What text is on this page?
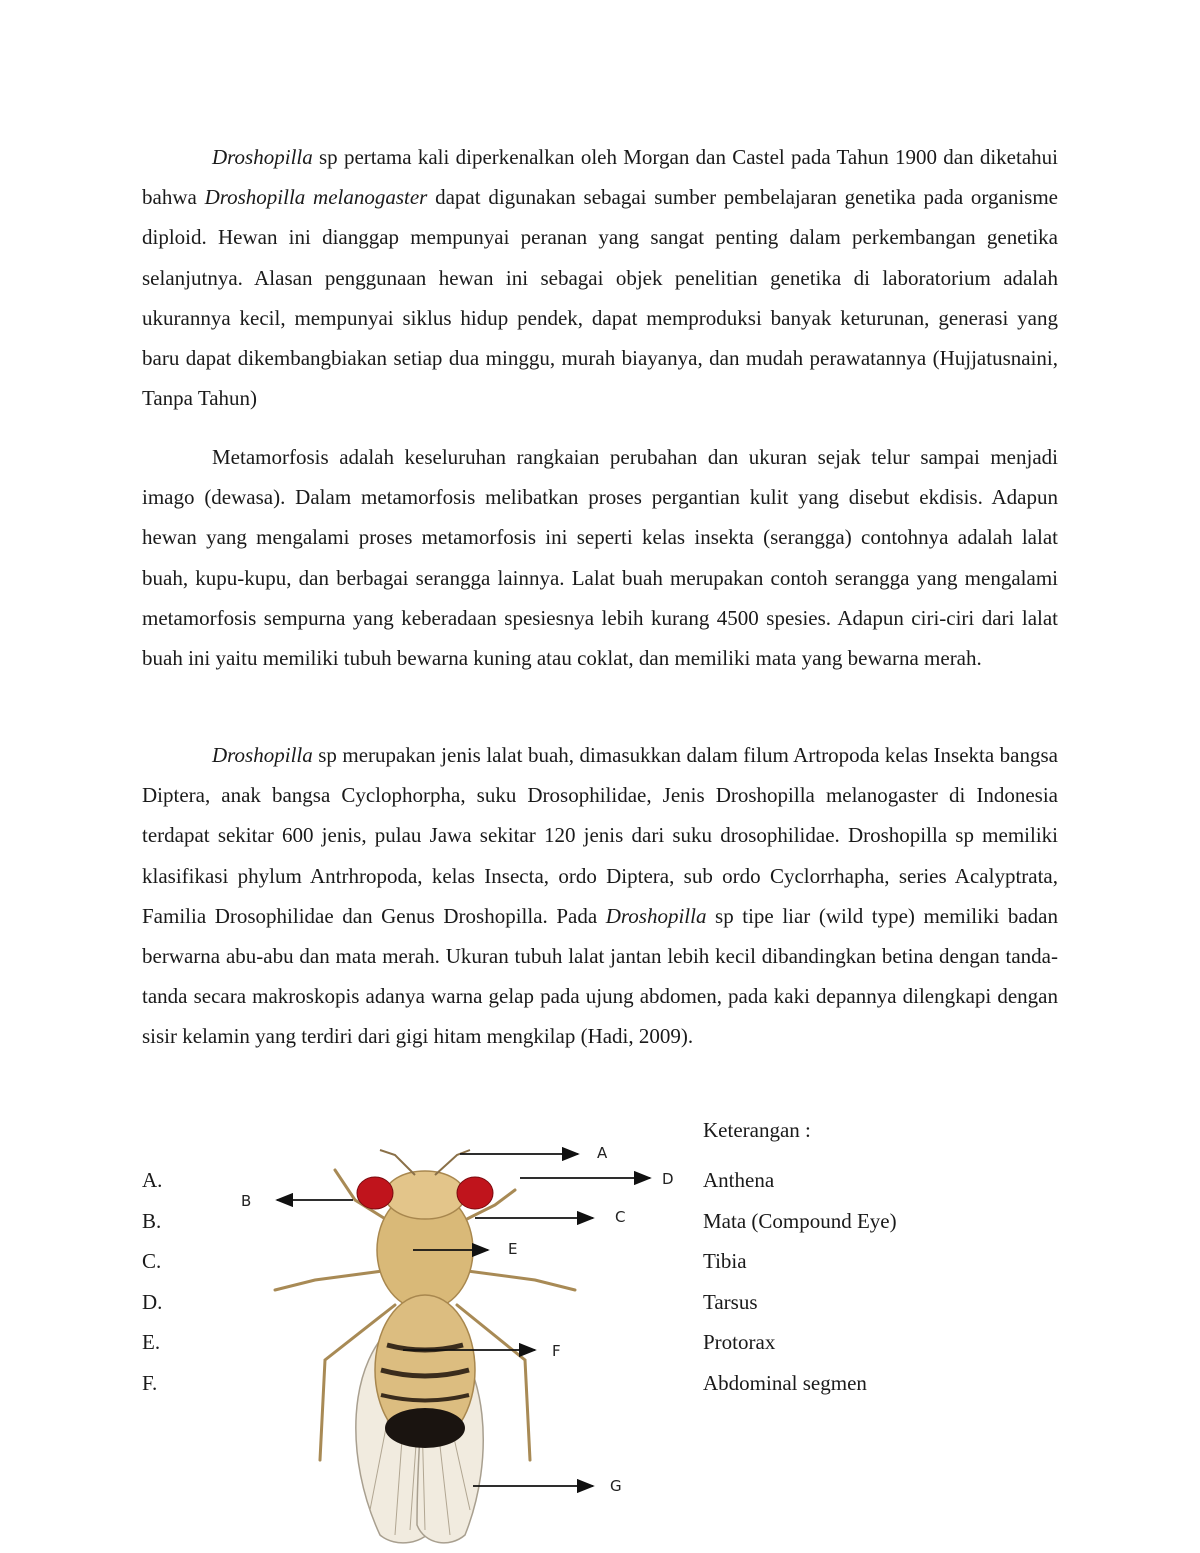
Droshopilla sp pertama kali diperkenalkan oleh Morgan dan Castel pada Tahun 1900 dan diketahui bahwa Droshopilla melanogaster dapat digunakan sebagai sumber pembelajaran genetika pada organisme diploid. Hewan ini dianggap mempunyai peranan yang sangat penting dalam perkembangan genetika selanjutnya. Alasan penggunaan hewan ini sebagai objek penelitian genetika di laboratorium adalah ukurannya kecil, mempunyai siklus hidup pendek, dapat memproduksi banyak keturunan, generasi yang baru dapat dikembangbiakan setiap dua minggu, murah biayanya, dan mudah perawatannya (Hujjatusnaini, Tanpa Tahun)

Metamorfosis adalah keseluruhan rangkaian perubahan dan ukuran sejak telur sampai menjadi imago (dewasa). Dalam metamorfosis melibatkan proses pergantian kulit yang disebut ekdisis. Adapun hewan yang mengalami proses metamorfosis ini seperti kelas insekta (serangga) contohnya adalah lalat buah, kupu-kupu, dan berbagai serangga lainnya. Lalat buah merupakan contoh serangga yang mengalami metamorfosis sempurna yang keberadaan spesiesnya lebih kurang 4500 spesies. Adapun ciri-ciri dari lalat buah ini yaitu memiliki tubuh bewarna kuning atau coklat, dan memiliki mata yang bewarna merah.

Droshopilla sp merupakan jenis lalat buah, dimasukkan dalam filum Artropoda kelas Insekta bangsa Diptera, anak bangsa Cyclophorpha, suku Drosophilidae, Jenis Droshopilla melanogaster di Indonesia terdapat sekitar 600 jenis, pulau Jawa sekitar 120 jenis dari suku drosophilidae. Droshopilla sp memiliki klasifikasi phylum Antrhropoda, kelas Insecta, ordo Diptera, sub ordo Cyclorrhapha, series Acalyptrata, Familia Drosophilidae dan Genus Droshopilla. Pada Droshopilla sp tipe liar (wild type) memiliki badan berwarna abu-abu dan mata merah. Ukuran tubuh lalat jantan lebih kecil dibandingkan betina dengan tanda-tanda secara makroskopis adanya warna gelap pada ujung abdomen, pada kaki depannya dilengkapi dengan sisir kelamin yang terdiri dari gigi hitam mengkilap (Hadi, 2009).

A.
B.
C.
D.
E.
F.
Keterangan :
Anthena
Mata (Compound Eye)
Tibia
Tarsus
Protorax
Abdominal segmen
A
B
C
D
E
F
G
